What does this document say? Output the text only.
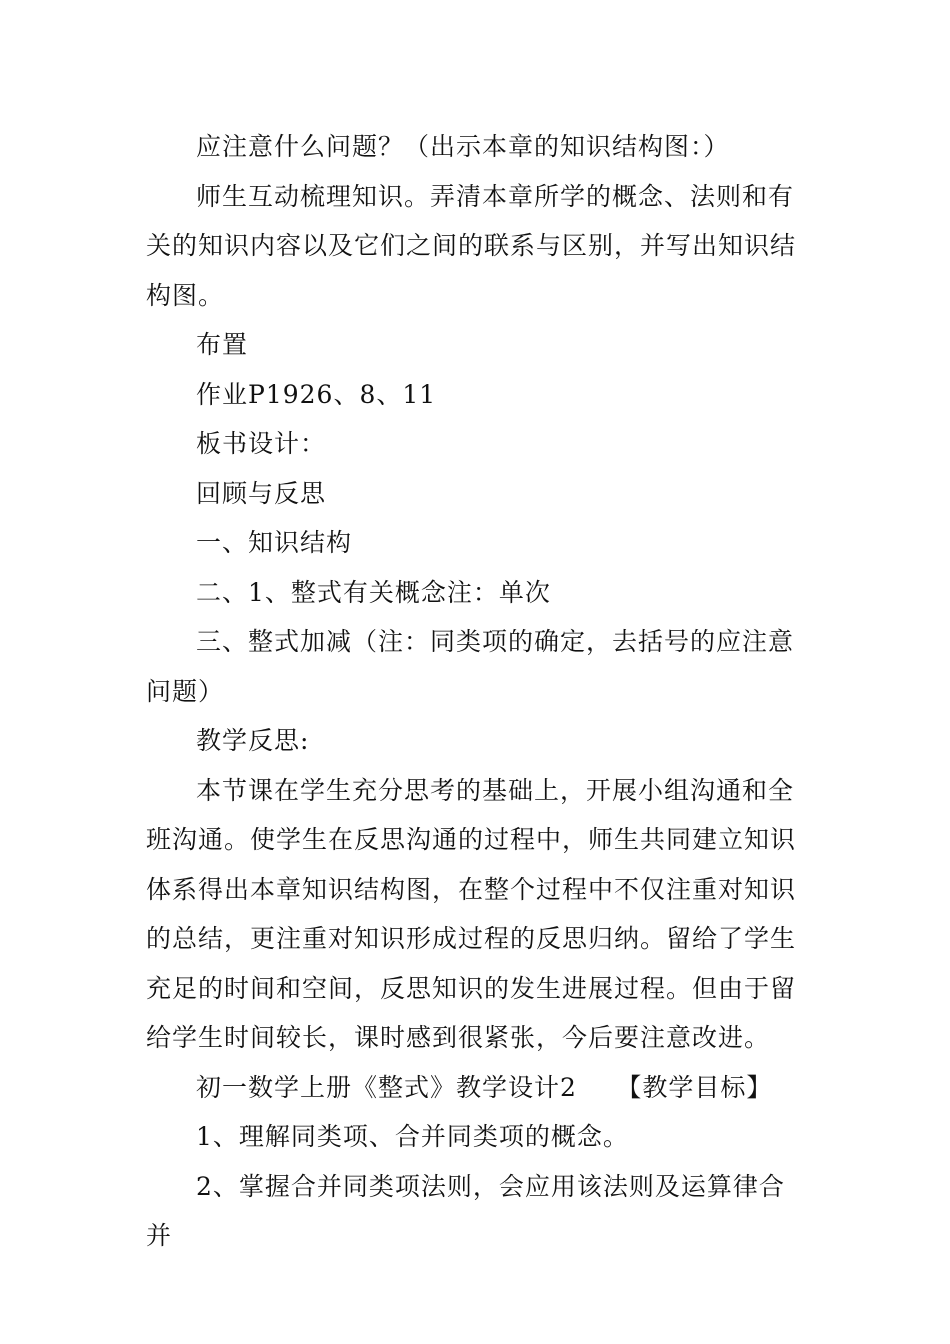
应注意什么问题？（出示本章的知识结构图：）

师生互动梳理知识。弄清本章所学的概念、法则和有关的知识内容以及它们之间的联系与区别，并写出知识结构图。

布置

作业P1926、8、11

板书设计：

回顾与反思

一、知识结构

二、1、整式有关概念注：单次

三、整式加减（注：同类项的确定，去括号的应注意问题）

教学反思:

本节课在学生充分思考的基础上，开展小组沟通和全班沟通。使学生在反思沟通的过程中，师生共同建立知识体系得出本章知识结构图，在整个过程中不仅注重对知识的总结，更注重对知识形成过程的反思归纳。留给了学生充足的时间和空间，反思知识的发生进展过程。但由于留给学生时间较长，课时感到很紧张，今后要注意改进。

初一数学上册《整式》教学设计2　　【教学目标】

1、理解同类项、合并同类项的概念。

2、掌握合并同类项法则，会应用该法则及运算律合并
